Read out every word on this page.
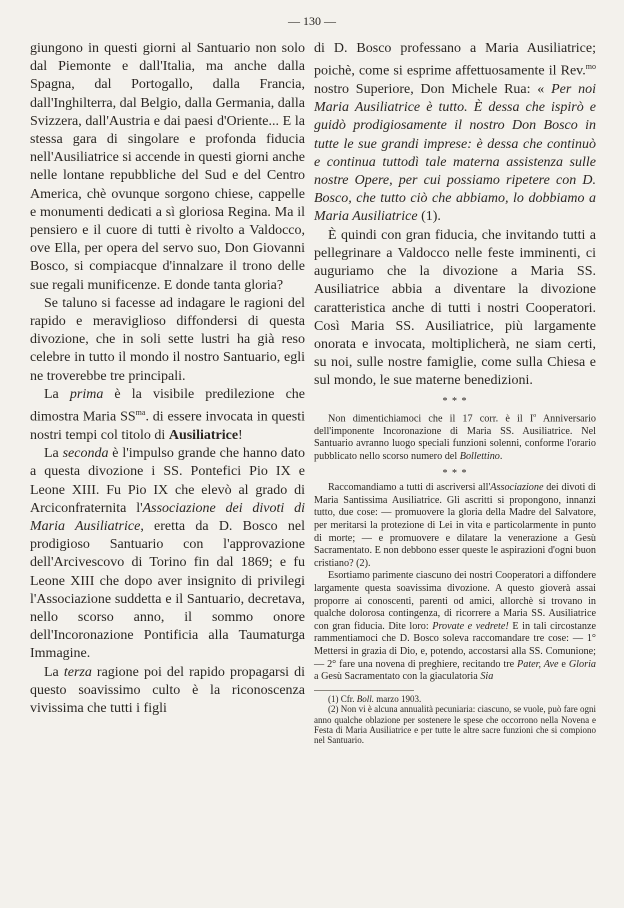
— 130 —

giungono in questi giorni al Santuario non solo dal Piemonte e dall'Italia, ma anche dalla Spagna, dal Portogallo, dalla Francia, dall'Inghilterra, dal Belgio, dalla Germania, dalla Svizzera, dall'Austria e dai paesi d'Oriente... E la stessa gara di singolare e profonda fiducia nell'Ausiliatrice si accende in questi giorni anche nelle lontane repubbliche del Sud e del Centro America, chè ovunque sorgono chiese, cappelle e monumenti dedicati a sì gloriosa Regina. Ma il pensiero e il cuore di tutti è rivolto a Valdocco, ove Ella, per opera del servo suo, Don Giovanni Bosco, si compiacque d'innalzare il trono delle sue regali munificenze. E donde tanta gloria?

Se taluno si facesse ad indagare le ragioni del rapido e meraviglioso diffondersi di questa divozione, che in soli sette lustri ha già reso celebre in tutto il mondo il nostro Santuario, egli ne troverebbe tre principali.

La prima è la visibile predilezione che dimostra Maria $SS^{ma}$. di essere invocata in questi nostri tempi col titolo di Ausiliatrice!

La seconda è l'impulso grande che hanno dato a questa divozione i SS. Pontefici Pio IX e Leone XIII. Fu Pio IX che elevò al grado di Arciconfraternita l'Associazione dei divoti di Maria Ausiliatrice, eretta da D. Bosco nel prodigioso Santuario con l'approvazione dell'Arcivescovo di Torino fin dal 1869; e fu Leone XIII che dopo aver insignito di privilegi l'Associazione suddetta e il Santuario, decretava, nello scorso anno, il sommo onore dell'Incoronazione Pontificia alla Taumaturga Immagine.

La terza ragione poi del rapido propagarsi di questo soavissimo culto è la riconoscenza vivissima che tutti i figli

di D. Bosco professano a Maria Ausiliatrice; poichè, come si esprime affettuosamente il Rev.$^{mo}$ nostro Superiore, Don Michele Rua: « Per noi Maria Ausiliatrice è tutto. È dessa che ispirò e guidò prodigiosamente il nostro Don Bosco in tutte le sue grandi imprese: è dessa che continuò e continua tuttodì tale materna assistenza sulle nostre Opere, per cui possiamo ripetere con D. Bosco, che tutto ciò che abbiamo, lo dobbiamo a Maria Ausiliatrice (1).

È quindi con gran fiducia, che invitando tutti a pellegrinare a Valdocco nelle feste imminenti, ci auguriamo che la divozione a Maria SS. Ausiliatrice abbia a diventare la divozione caratteristica anche di tutti i nostri Cooperatori. Così Maria SS. Ausiliatrice, più largamente onorata e invocata, moltiplicherà, ne siam certi, su noi, sulle nostre famiglie, come sulla Chiesa e sul mondo, le sue materne benedizioni.

* * *

Non dimentichiamoci che il 17 corr. è il $I^o$ Anniversario dell'imponente Incoronazione di Maria SS. Ausiliatrice. Nel Santuario avranno luogo speciali funzioni solenni, conforme l'orario pubblicato nello scorso numero del Bollettino.

* * *

Raccomandiamo a tutti di ascriversi all'Associazione dei divoti di Maria Santissima Ausiliatrice. Gli ascritti si propongono, innanzi tutto, due cose: — promuovere la gloria della Madre del Salvatore, per meritarsi la protezione di Lei in vita e particolarmente in punto di morte; — e promuovere e dilatare la venerazione a Gesù Sacramentato. E non debbono esser queste le aspirazioni d'ogni buon cristiano? (2).

Esortiamo parimente ciascuno dei nostri Cooperatori a diffondere largamente questa soavissima divozione. A questo gioverà assai proporre ai conoscenti, parenti od amici, allorchè si trovano in qualche dolorosa contingenza, di ricorrere a Maria SS. Ausiliatrice con gran fiducia. Dite loro: Provate e vedrete! E in tali circostanze rammentiamoci che D. Bosco soleva raccomandare tre cose: — 1° Mettersi in grazia di Dio, e, potendo, accostarsi alla SS. Comunione; — 2° fare una novena di preghiere, recitando tre Pater, Ave e Gloria a Gesù Sacramentato con la giaculatoria Sia

(1) Cfr. Boll. marzo 1903.

(2) Non vi è alcuna annualità pecuniaria: ciascuno, se vuole, può fare ogni anno qualche oblazione per sostenere le spese che occorrono nella Novena e Festa di Maria Ausiliatrice e per tutte le altre sacre funzioni che si compiono nel Santuario.
